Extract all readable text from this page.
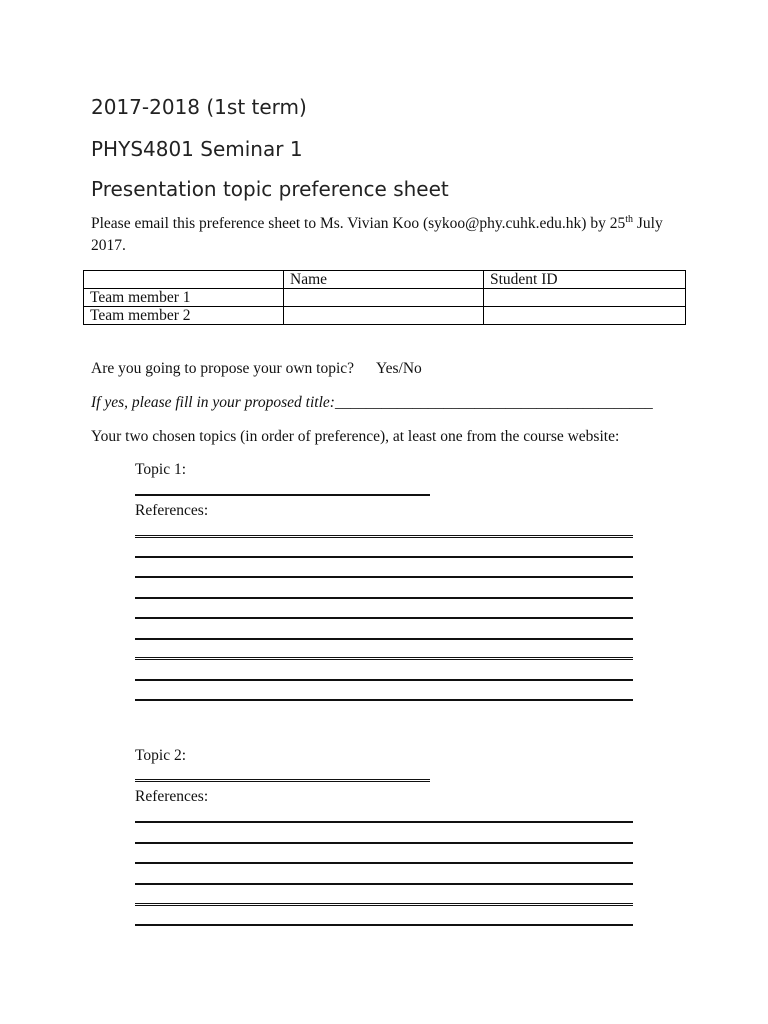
2017-2018 (1st term)
PHYS4801 Seminar 1
Presentation topic preference sheet

Please email this preference sheet to Ms. Vivian Koo (sykoo@phy.cuhk.edu.hk) by 25th July

2017.

	Name	Student ID
Team member 1		
Team member 2		

Are you going to propose your own topic? Yes/No

If yes, please fill in your proposed title:_________________________________________

Your two chosen topics (in order of preference), at least one from the course website:

Topic 1:

References:

Topic 2:

References:
